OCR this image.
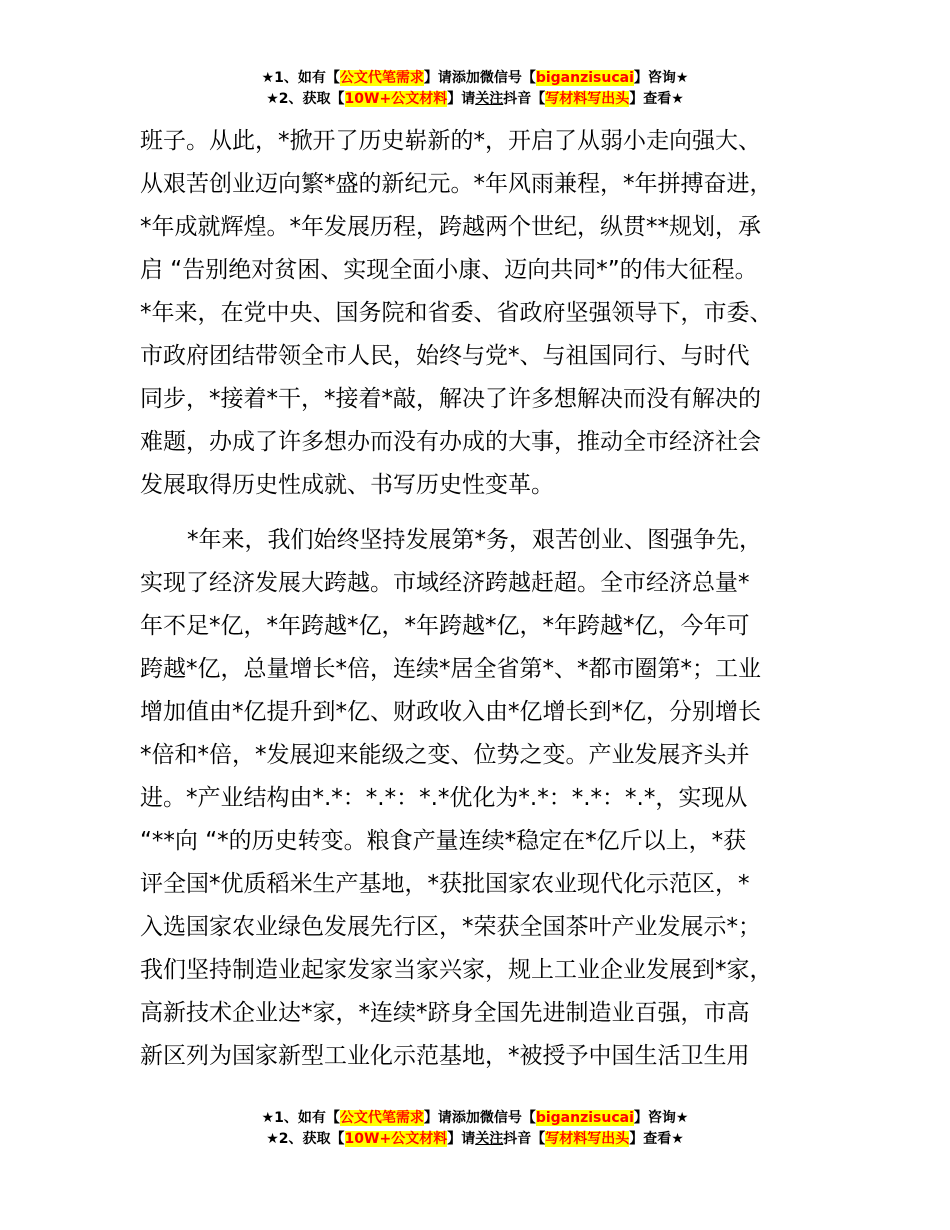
★1、如有【公文代笔需求】请添加微信号【biganzisucai】咨询★
★2、获取【10W+公文材料】请关注抖音【写材料写出头】查看★

班子。从此，*掀开了历史崭新的*，开启了从弱小走向强大、
从艰苦创业迈向繁*盛的新纪元。*年风雨兼程，*年拼搏奋进，
*年成就辉煌。*年发展历程，跨越两个世纪，纵贯**规划，承
启 “告别绝对贫困、实现全面小康、迈向共同*”的伟大征程。
*年来，在党中央、国务院和省委、省政府坚强领导下，市委、
市政府团结带领全市人民，始终与党*、与祖国同行、与时代
同步，*接着*干，*接着*敲，解决了许多想解决而没有解决的
难题，办成了许多想办而没有办成的大事，推动全市经济社会
发展取得历史性成就、书写历史性变革。

*年来，我们始终坚持发展第*务，艰苦创业、图强争先，
实现了经济发展大跨越。市域经济跨越赶超。全市经济总量*
年不足*亿，*年跨越*亿，*年跨越*亿，*年跨越*亿，今年可
跨越*亿，总量增长*倍，连续*居全省第*、*都市圈第*；工业
增加值由*亿提升到*亿、财政收入由*亿增长到*亿，分别增长
*倍和*倍，*发展迎来能级之变、位势之变。产业发展齐头并
进。*产业结构由*.*：*.*：*.*优化为*.*：*.*：*.*，实现从
“**向 “*的历史转变。粮食产量连续*稳定在*亿斤以上，*获
评全国*优质稻米生产基地，*获批国家农业现代化示范区，*
入选国家农业绿色发展先行区，*荣获全国茶叶产业发展示*；
我们坚持制造业起家发家当家兴家，规上工业企业发展到*家，
高新技术企业达*家，*连续*跻身全国先进制造业百强，市高
新区列为国家新型工业化示范基地，*被授予中国生活卫生用

★1、如有【公文代笔需求】请添加微信号【biganzisucai】咨询★
★2、获取【10W+公文材料】请关注抖音【写材料写出头】查看★
